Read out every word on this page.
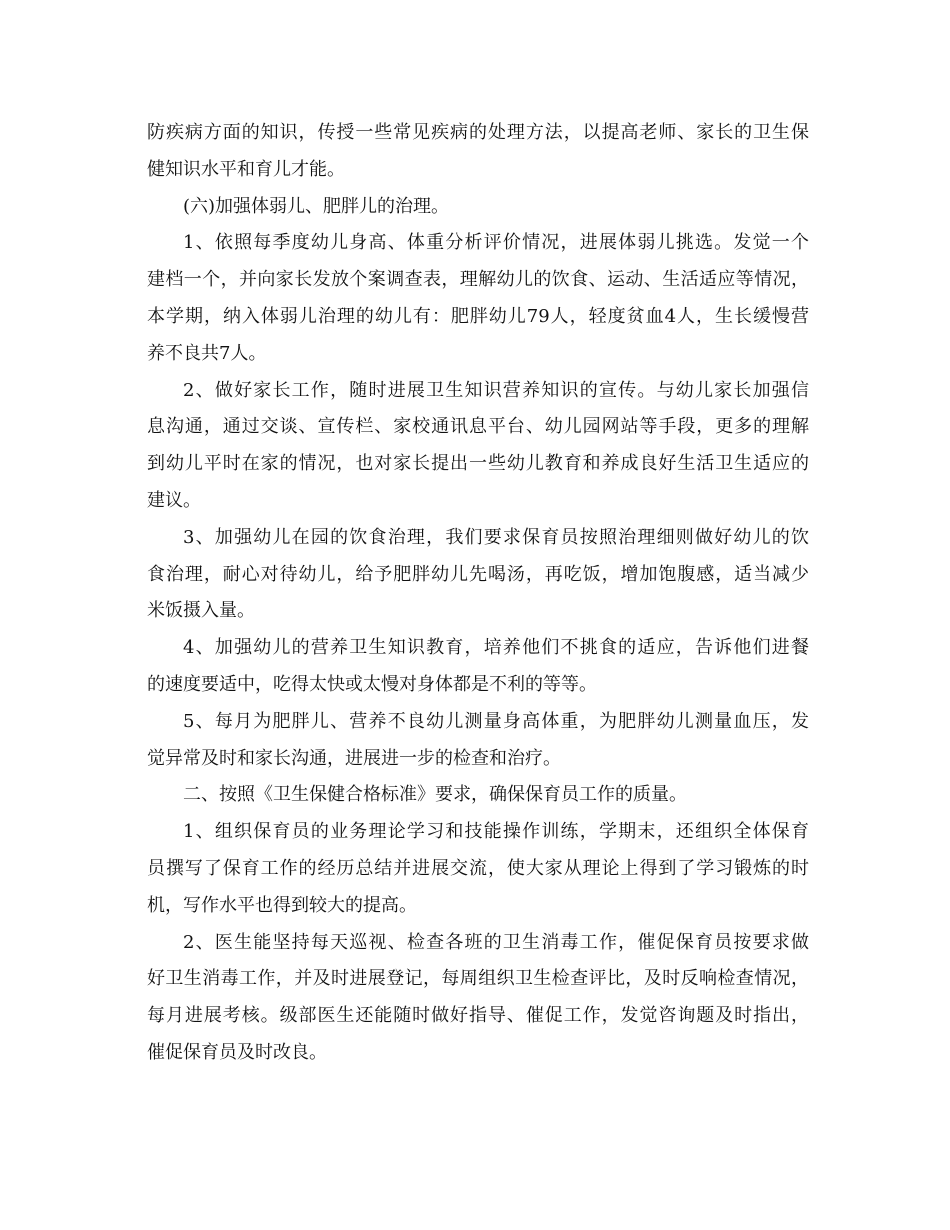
防疾病方面的知识，传授一些常见疾病的处理方法，以提高老师、家长的卫生保
健知识水平和育儿才能。
(六)加强体弱儿、肥胖儿的治理。
1、依照每季度幼儿身高、体重分析评价情况，进展体弱儿挑选。发觉一个
建档一个，并向家长发放个案调查表，理解幼儿的饮食、运动、生活适应等情况，
本学期，纳入体弱儿治理的幼儿有：肥胖幼儿79人，轻度贫血4人，生长缓慢营
养不良共7人。
2、做好家长工作，随时进展卫生知识营养知识的宣传。与幼儿家长加强信
息沟通，通过交谈、宣传栏、家校通讯息平台、幼儿园网站等手段，更多的理解
到幼儿平时在家的情况，也对家长提出一些幼儿教育和养成良好生活卫生适应的
建议。
3、加强幼儿在园的饮食治理，我们要求保育员按照治理细则做好幼儿的饮
食治理，耐心对待幼儿，给予肥胖幼儿先喝汤，再吃饭，增加饱腹感，适当减少
米饭摄入量。
4、加强幼儿的营养卫生知识教育，培养他们不挑食的适应，告诉他们进餐
的速度要适中，吃得太快或太慢对身体都是不利的等等。
5、每月为肥胖儿、营养不良幼儿测量身高体重，为肥胖幼儿测量血压，发
觉异常及时和家长沟通，进展进一步的检查和治疗。
二、按照《卫生保健合格标准》要求，确保保育员工作的质量。
1、组织保育员的业务理论学习和技能操作训练，学期末，还组织全体保育
员撰写了保育工作的经历总结并进展交流，使大家从理论上得到了学习锻炼的时
机，写作水平也得到较大的提高。
2、医生能坚持每天巡视、检查各班的卫生消毒工作，催促保育员按要求做
好卫生消毒工作，并及时进展登记，每周组织卫生检查评比，及时反响检查情况，
每月进展考核。级部医生还能随时做好指导、催促工作，发觉咨询题及时指出，
催促保育员及时改良。
